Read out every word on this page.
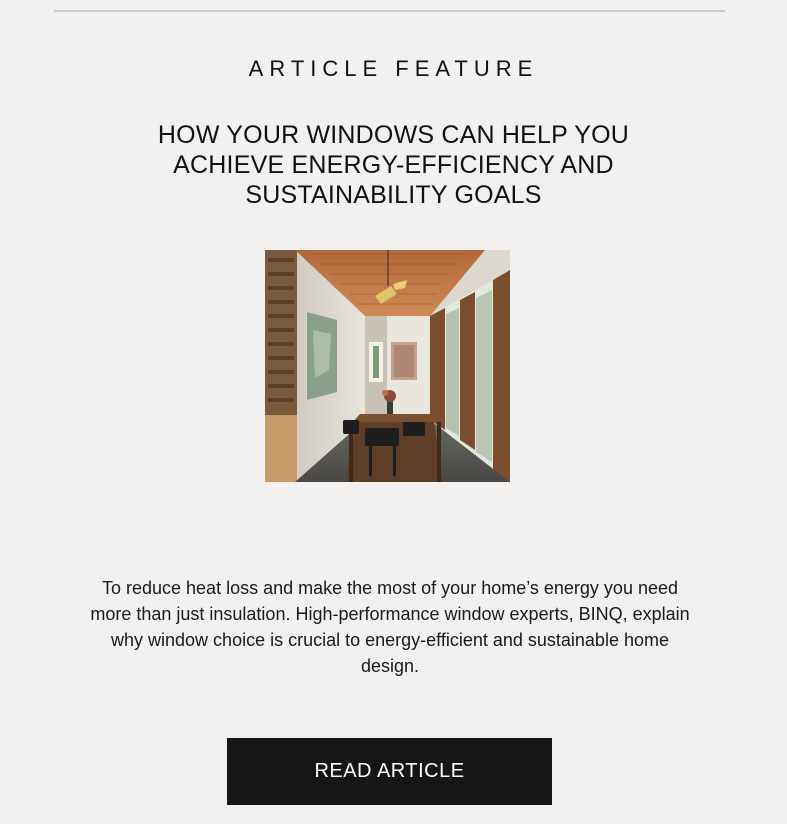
ARTICLE FEATURE
HOW YOUR WINDOWS CAN HELP YOU ACHIEVE ENERGY-EFFICIENCY AND SUSTAINABILITY GOALS

To reduce heat loss and make the most of your home’s energy you need more than just insulation. High-performance window experts, BINQ, explain why window choice is crucial to energy-efficient and sustainable home design.

READ ARTICLE
